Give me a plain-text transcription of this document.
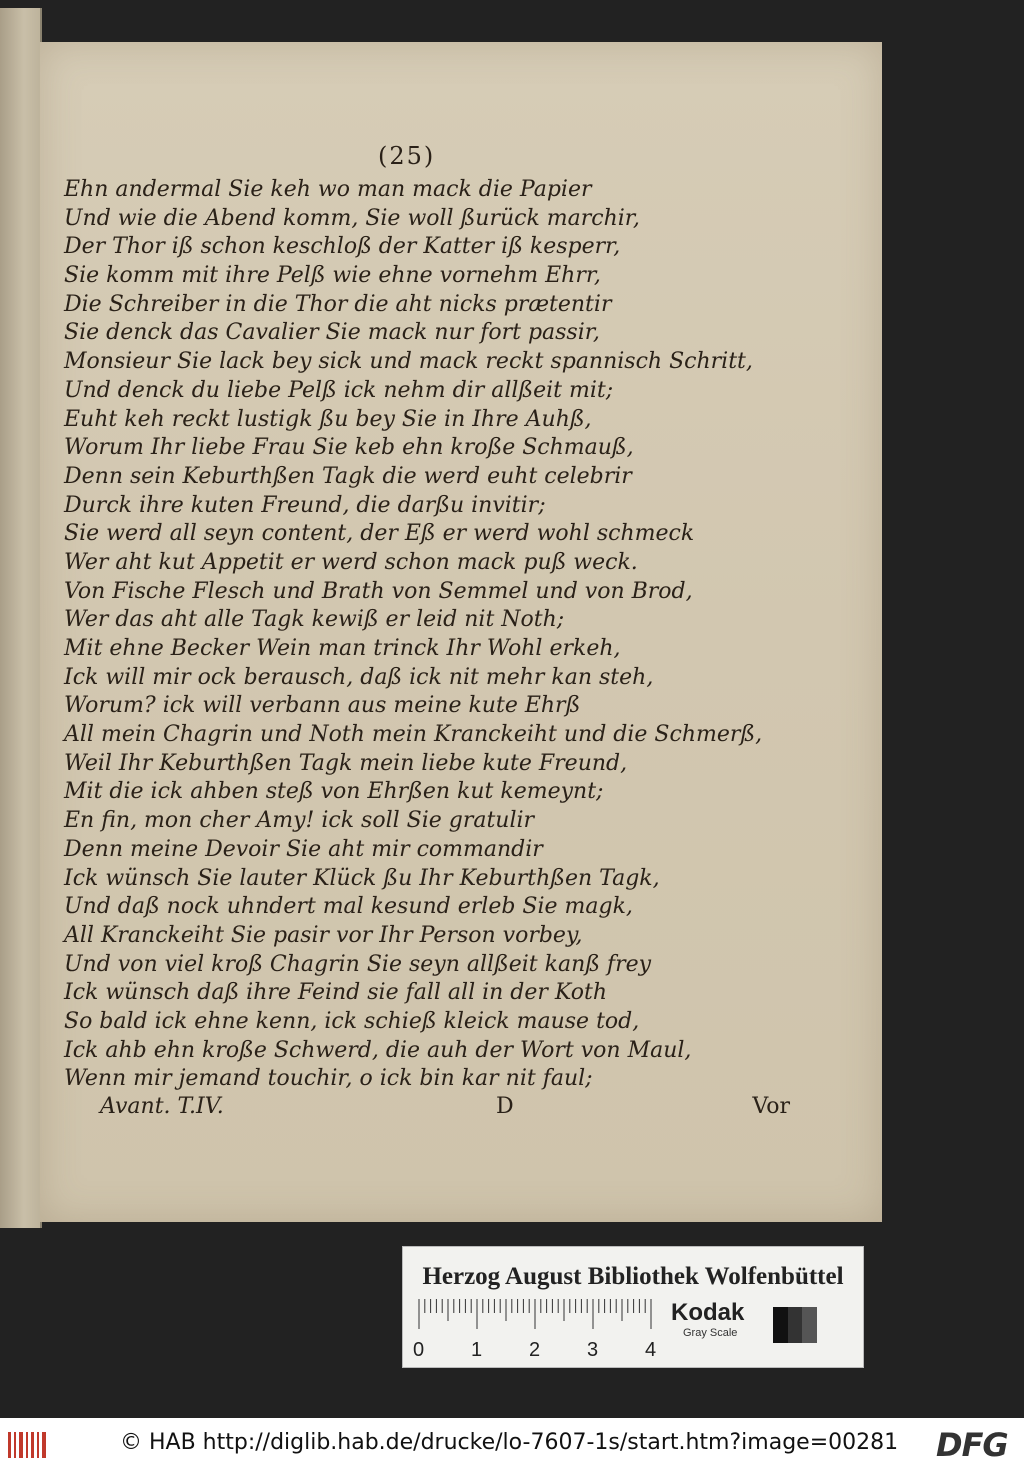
(25)
Ehn andermal Sie keh wo man mack die Papier
Und wie die Abend komm, Sie woll ßurück marchir,
Der Thor iß schon keschloß der Katter iß kesperr,
Sie komm mit ihre Pelß wie ehne vornehm Ehrr,
Die Schreiber in die Thor die aht nicks prætentir
Sie denck das Cavalier Sie mack nur fort passir,
Monsieur Sie lack bey sick und mack reckt spannisch Schritt,
Und denck du liebe Pelß ick nehm dir allßeit mit;
Euht keh reckt lustigk ßu bey Sie in Ihre Auhß,
Worum Ihr liebe Frau Sie keb ehn kroße Schmauß,
Denn sein Keburthßen Tagk die werd euht celebrir
Durck ihre kuten Freund, die darßu invitir;
Sie werd all seyn content, der Eß er werd wohl schmeck
Wer aht kut Appetit er werd schon mack puß weck.
Von Fische Flesch und Brath von Semmel und von Brod,
Wer das aht alle Tagk kewiß er leid nit Noth;
Mit ehne Becker Wein man trinck Ihr Wohl erkeh,
Ick will mir ock berausch, daß ick nit mehr kan steh,
Worum? ick will verbann aus meine kute Ehrß
All mein Chagrin und Noth mein Kranckeiht und die Schmerß,
Weil Ihr Keburthßen Tagk mein liebe kute Freund,
Mit die ick ahben steß von Ehrßen kut kemeynt;
En fin, mon cher Amy! ick soll Sie gratulir
Denn meine Devoir Sie aht mir commandir
Ick wünsch Sie lauter Klück ßu Ihr Keburthßen Tagk,
Und daß nock uhndert mal kesund erleb Sie magk,
All Kranckeiht Sie pasir vor Ihr Person vorbey,
Und von viel kroß Chagrin Sie seyn allßeit kanß frey
Ick wünsch daß ihre Feind sie fall all in der Koth
So bald ick ehne kenn, ick schieß kleick mause tod,
Ick ahb ehn kroße Schwerd, die auh der Wort von Maul,
Wenn mir jemand touchir, o ick bin kar nit faul;
Avant. T.IV.	D	Vor
Herzog August Bibliothek Wolfenbüttel
0 1 2 3 4
Kodak
Gray Scale
© HAB http://diglib.hab.de/drucke/lo-7607-1s/start.htm?image=00281 DFG
